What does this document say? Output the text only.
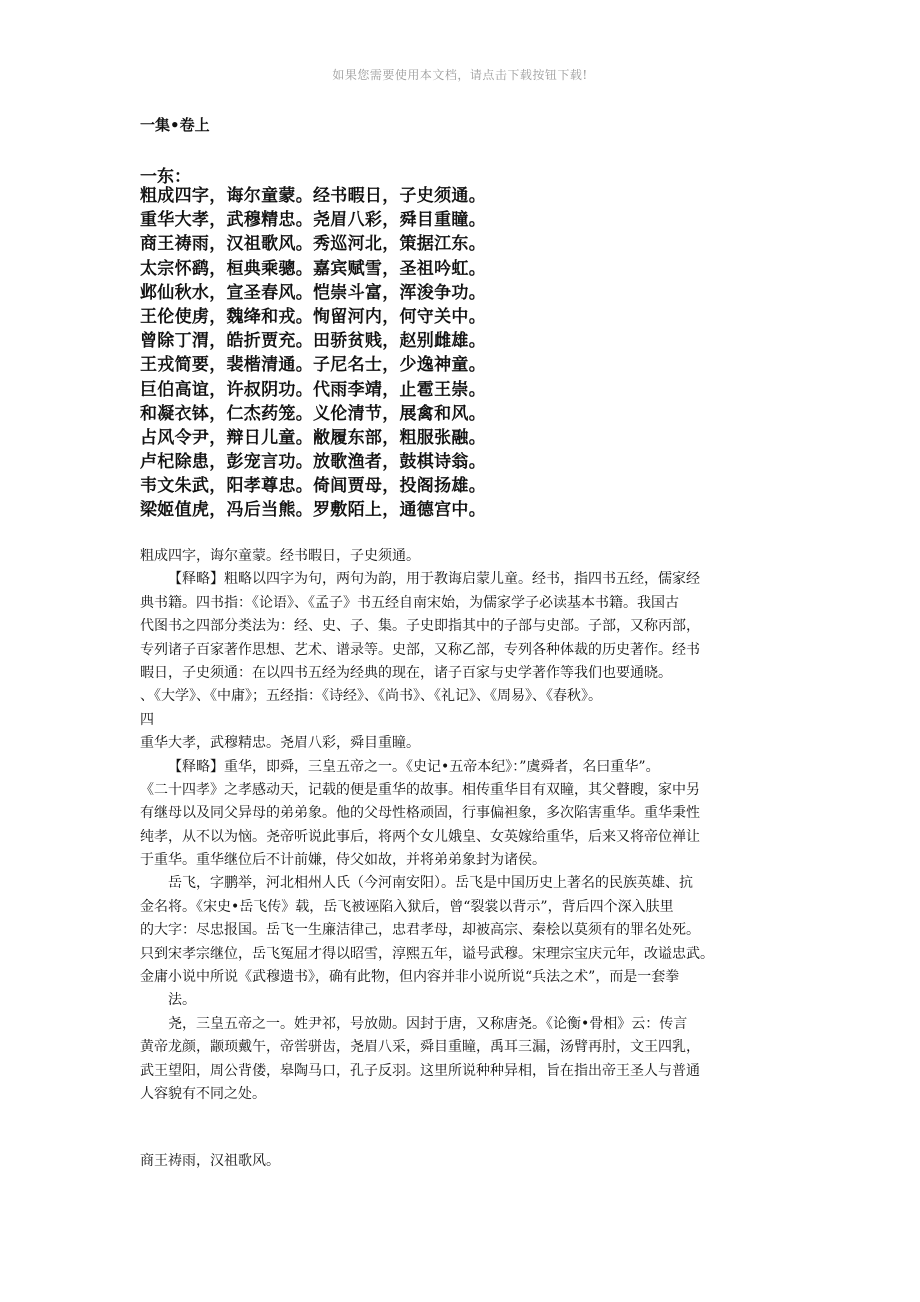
如果您需要使用本文档，请点击下载按钮下载!
一集•卷上
一东：
粗成四字，诲尔童蒙。经书暇日，子史须通。
重华大孝，武穆精忠。尧眉八彩，舜目重瞳。
商王祷雨，汉祖歌风。秀巡河北，策据江东。
太宗怀鹞，桓典乘骢。嘉宾赋雪，圣祖吟虹。
邺仙秋水，宣圣春风。恺崇斗富，浑浚争功。
王伦使虏，魏绛和戎。恂留河内，何守关中。
曾除丁渭，皓折贾充。田骄贫贱，赵别雌雄。
王戎简要，裴楷清通。子尼名士，少逸神童。
巨伯高谊，许叔阴功。代雨李靖，止雹王崇。
和凝衣钵，仁杰药笼。义伦清节，展禽和风。
占风令尹，辩日儿童。敝履东部，粗服张融。
卢杞除患，彭宠言功。放歌渔者，鼓棋诗翁。
韦文朱武，阳孝尊忠。倚闾贾母，投阁扬雄。
梁姬值虎，冯后当熊。罗敷陌上，通德宫中。
粗成四字，诲尔童蒙。经书暇日，子史须通。
【释略】粗略以四字为句，两句为韵，用于教诲启蒙儿童。经书，指四书五经，儒家经
典书籍。四书指：《论语》、《孟子》书五经自南宋始，为儒家学子必读基本书籍。我国古
代图书之四部分类法为：经、史、子、集。子史即指其中的子部与史部。子部，又称丙部，
专列诸子百家著作思想、艺术、谱录等。史部，又称乙部，专列各种体裁的历史著作。经书
暇日，子史须通：在以四书五经为经典的现在，诸子百家与史学著作等我们也要通晓。
、《大学》、《中庸》；五经指：《诗经》、《尚书》、《礼记》、《周易》、《春秋》。
四
重华大孝，武穆精忠。尧眉八彩，舜目重瞳。
【释略】重华，即舜，三皇五帝之一。《史记•五帝本纪》：”虞舜者，名曰重华”。
《二十四孝》之孝感动天，记载的便是重华的故事。相传重华目有双瞳，其父瞽瞍，家中另
有继母以及同父异母的弟弟象。他的父母性格顽固，行事偏袒象，多次陷害重华。重华秉性
纯孝，从不以为恼。尧帝听说此事后，将两个女儿娥皇、女英嫁给重华，后来又将帝位禅让
于重华。重华继位后不计前嫌，侍父如故，并将弟弟象封为诸侯。
岳飞，字鹏举，河北相州人氏（今河南安阳）。岳飞是中国历史上著名的民族英雄、抗
金名将。《宋史•岳飞传》载，岳飞被诬陷入狱后，曾“裂裳以背示”，背后四个深入肤里
的大字：尽忠报国。岳飞一生廉洁律己，忠君孝母，却被高宗、秦桧以莫须有的罪名处死。
只到宋孝宗继位，岳飞冤屈才得以昭雪，淳熙五年，谥号武穆。宋理宗宝庆元年，改谥忠武。
金庸小说中所说《武穆遗书》，确有此物，但内容并非小说所说“兵法之术”，而是一套拳
法。
尧，三皇五帝之一。姓尹祁，号放勋。因封于唐，又称唐尧。《论衡•骨相》云：传言
黄帝龙颜，颛顼戴午，帝喾骈齿，尧眉八采，舜目重瞳，禹耳三漏，汤臂再肘，文王四乳，
武王望阳，周公背偻，皋陶马口，孔子反羽。这里所说种种异相，旨在指出帝王圣人与普通
人容貌有不同之处。
商王祷雨，汉祖歌风。
